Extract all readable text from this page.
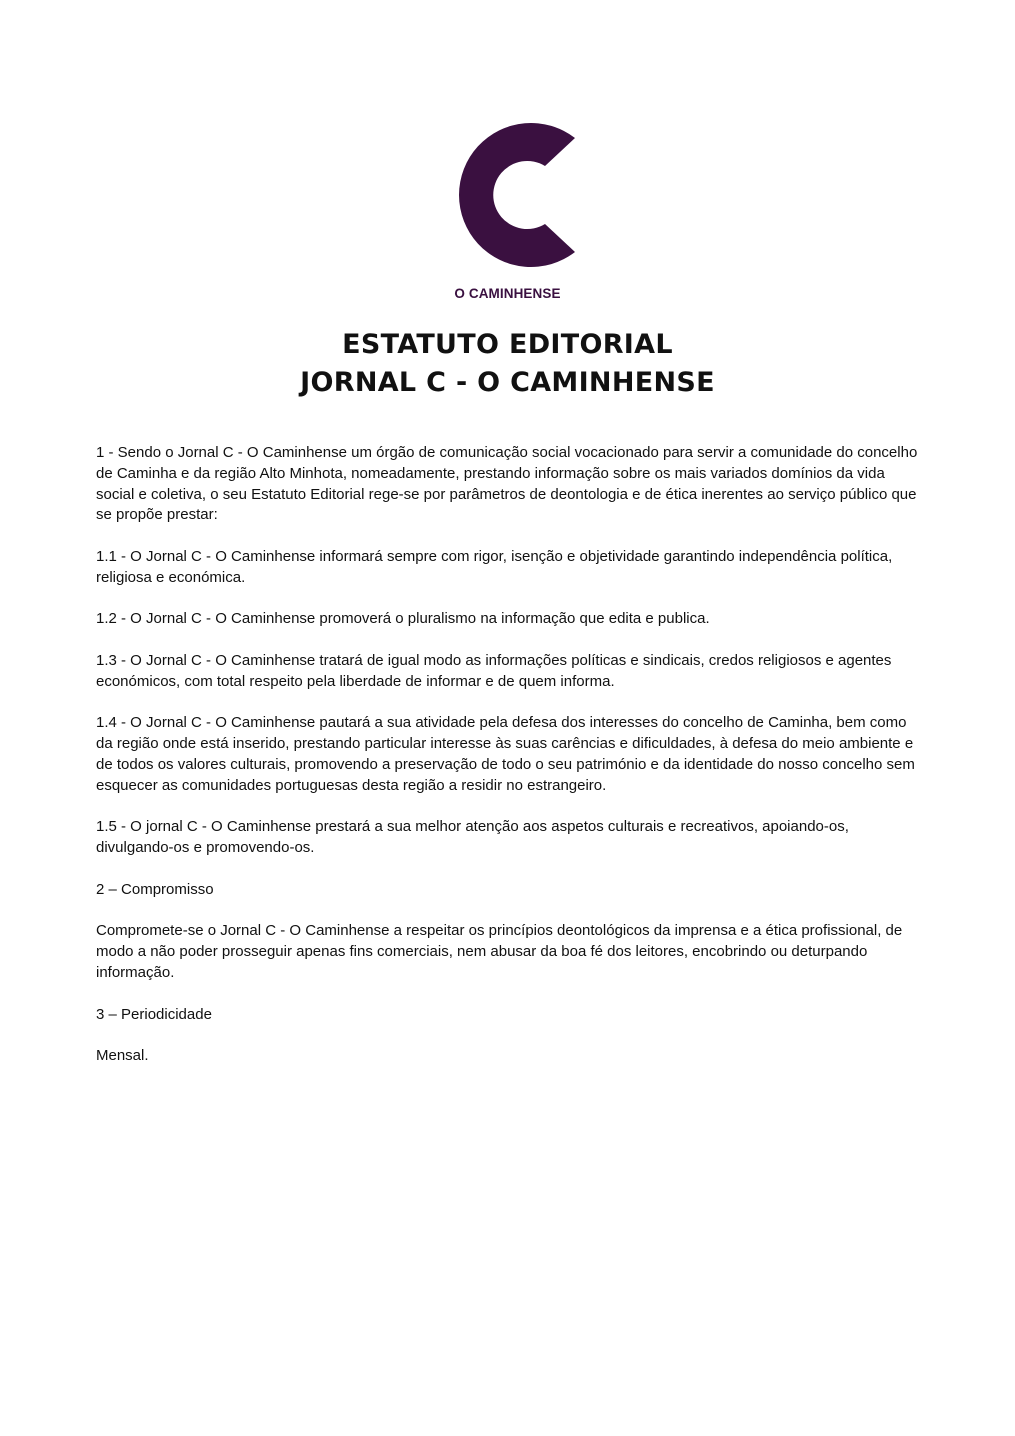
O CAMINHENSE
ESTATUTO EDITORIAL
JORNAL C - O CAMINHENSE

1 - Sendo o Jornal C - O Caminhense um órgão de comunicação social vocacionado para servir a comunidade do concelho de Caminha e da região Alto Minhota, nomeadamente, prestando informação sobre os mais variados domínios da vida social e coletiva, o seu Estatuto Editorial rege-se por parâmetros de deontologia e de ética inerentes ao serviço público que se propõe prestar:

1.1 - O Jornal C - O Caminhense informará sempre com rigor, isenção e objetividade garantindo independência política, religiosa e económica.

1.2 - O Jornal C - O Caminhense promoverá o pluralismo na informação que edita e publica.

1.3 - O Jornal C - O Caminhense tratará de igual modo as informações políticas e sindicais, credos religiosos e agentes económicos, com total respeito pela liberdade de informar e de quem informa.

1.4 - O Jornal C - O Caminhense pautará a sua atividade pela defesa dos interesses do concelho de Caminha, bem como da região onde está inserido, prestando particular interesse às suas carências e dificuldades, à defesa do meio ambiente e de todos os valores culturais, promovendo a preservação de todo o seu património e da identidade do nosso concelho sem esquecer as comunidades portuguesas desta região a residir no estrangeiro.

1.5 - O jornal C - O Caminhense prestará a sua melhor atenção aos aspetos culturais e recreativos, apoiando-os, divulgando-os e promovendo-os.

2 – Compromisso

Compromete-se o Jornal C - O Caminhense a respeitar os princípios deontológicos da imprensa e a ética profissional, de modo a não poder prosseguir apenas fins comerciais, nem abusar da boa fé dos leitores, encobrindo ou deturpando informação.

3 – Periodicidade

Mensal.
